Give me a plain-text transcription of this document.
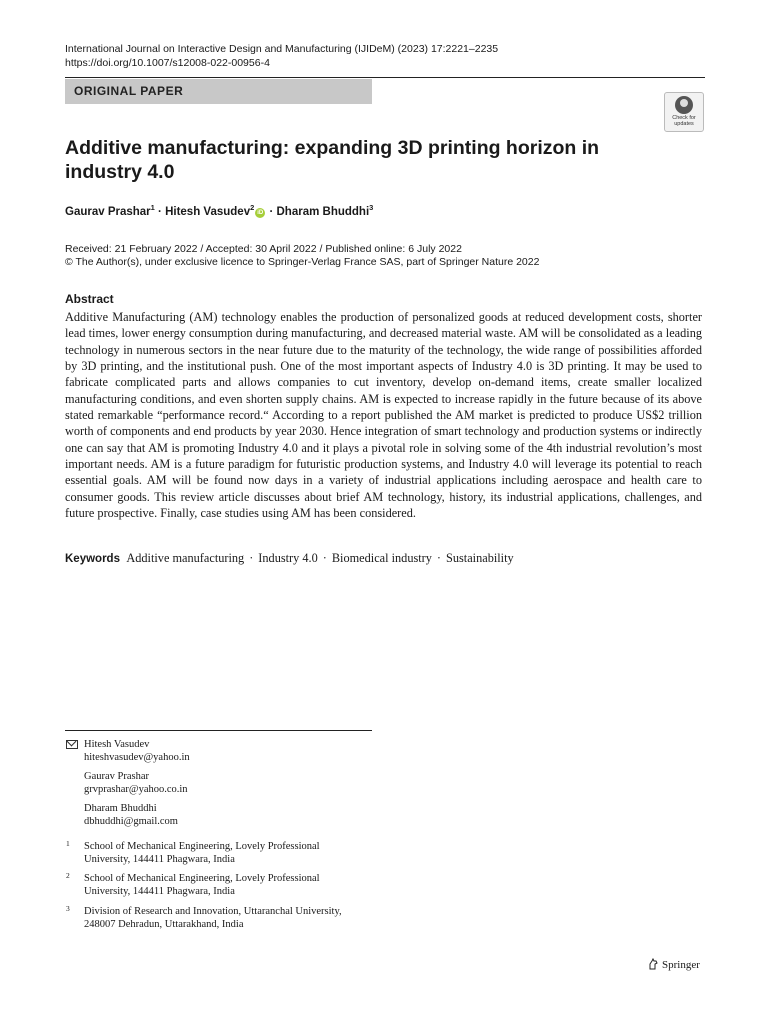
International Journal on Interactive Design and Manufacturing (IJIDeM) (2023) 17:2221–2235
https://doi.org/10.1007/s12008-022-00956-4
ORIGINAL PAPER
Check for updates
Additive manufacturing: expanding 3D printing horizon in industry 4.0
Gaurav Prashar$^1$ · Hitesh Vasudev$^2$iD · Dharam Bhuddhi$^3$
Received: 21 February 2022 / Accepted: 30 April 2022 / Published online: 6 July 2022
© The Author(s), under exclusive licence to Springer-Verlag France SAS, part of Springer Nature 2022
Abstract
Additive Manufacturing (AM) technology enables the production of personalized goods at reduced development costs, shorter lead times, lower energy consumption during manufacturing, and decreased material waste. AM will be consolidated as a leading technology in numerous sectors in the near future due to the maturity of the technology, the wide range of possibilities afforded by 3D printing, and the institutional push. One of the most important aspects of Industry 4.0 is 3D printing. It may be used to fabricate complicated parts and allows companies to cut inventory, develop on-demand items, create smaller localized manufacturing conditions, and even shorten supply chains. AM is expected to increase rapidly in the future because of its above stated remarkable “performance record.“ According to a report published the AM market is predicted to produce US$2 trillion worth of components and end products by year 2030. Hence integration of smart technology and production systems or indirectly one can say that AM is promoting Industry 4.0 and it plays a pivotal role in solving some of the 4th industrial revolution’s most important needs. AM is a future paradigm for futuristic production systems, and Industry 4.0 will leverage its potential to reach essential goals. AM will be found now days in a variety of industrial applications including aerospace and health care to consumer goods. This review article discusses about brief AM technology, history, its industrial applications, challenges, and future prospective. Finally, case studies using AM has been considered.
Keywords Additive manufacturing · Industry 4.0 · Biomedical industry · Sustainability
Hitesh Vasudev
hiteshvasudev@yahoo.in
Gaurav Prashar
grvprashar@yahoo.co.in
Dharam Bhuddhi
dbhuddhi@gmail.com
1 School of Mechanical Engineering, Lovely Professional
University, 144411 Phagwara, India
2 School of Mechanical Engineering, Lovely Professional
University, 144411 Phagwara, India
3 Division of Research and Innovation, Uttaranchal University,
248007 Dehradun, Uttarakhand, India
Springer
